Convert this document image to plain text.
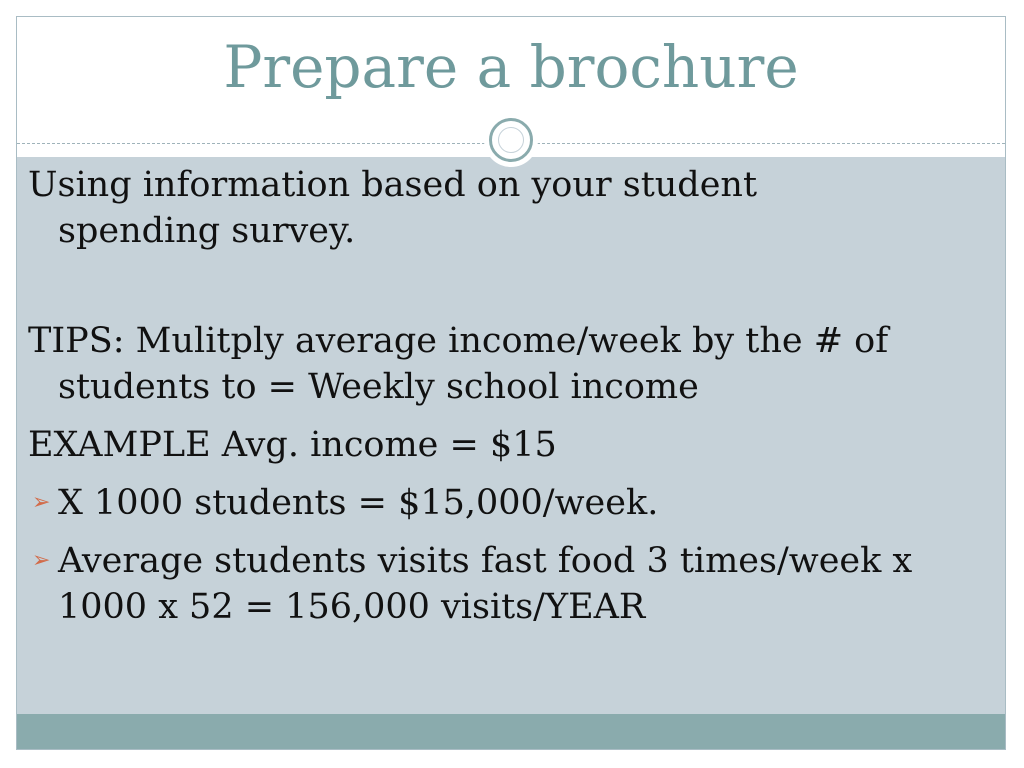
Prepare a brochure

Using information based on your student
spending survey.

TIPS: Mulitply average income/week by the # of
students to = Weekly school income

EXAMPLE Avg. income = $15

➢ X 1000 students = $15,000/week.
➢ Average students visits fast food 3 times/week x
1000 x 52 = 156,000 visits/YEAR
